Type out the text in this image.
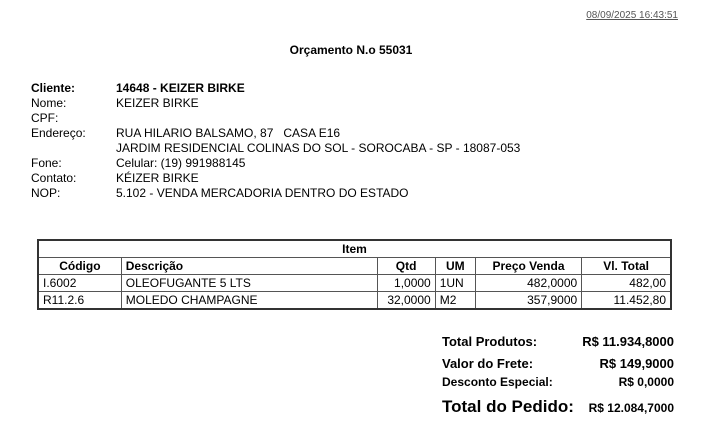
08/09/2025 16:43:51
Orçamento N.o 55031
Cliente:	14648 - KEIZER BIRKE
Nome:	KEIZER BIRKE
CPF:
Endereço:	RUA HILARIO BALSAMO, 87   CASA E16
JARDIM RESIDENCIAL COLINAS DO SOL - SOROCABA - SP - 18087-053
Fone:	Celular: (19) 991988145
Contato:	KÉIZER BIRKE
NOP:	5.102 - VENDA MERCADORIA DENTRO DO ESTADO
Item					
Código	Descrição	Qtd	UM	Preço Venda	Vl. Total
I.6002	OLEOFUGANTE 5 LTS	1,0000	1UN	482,0000	482,00
R11.2.6	MOLEDO CHAMPAGNE	32,0000	M2	357,9000	11.452,80
Total Produtos:	R$ 11.934,8000
Valor do Frete:	R$ 149,9000
Desconto Especial:	R$ 0,0000
Total do Pedido: R$ 12.084,7000
